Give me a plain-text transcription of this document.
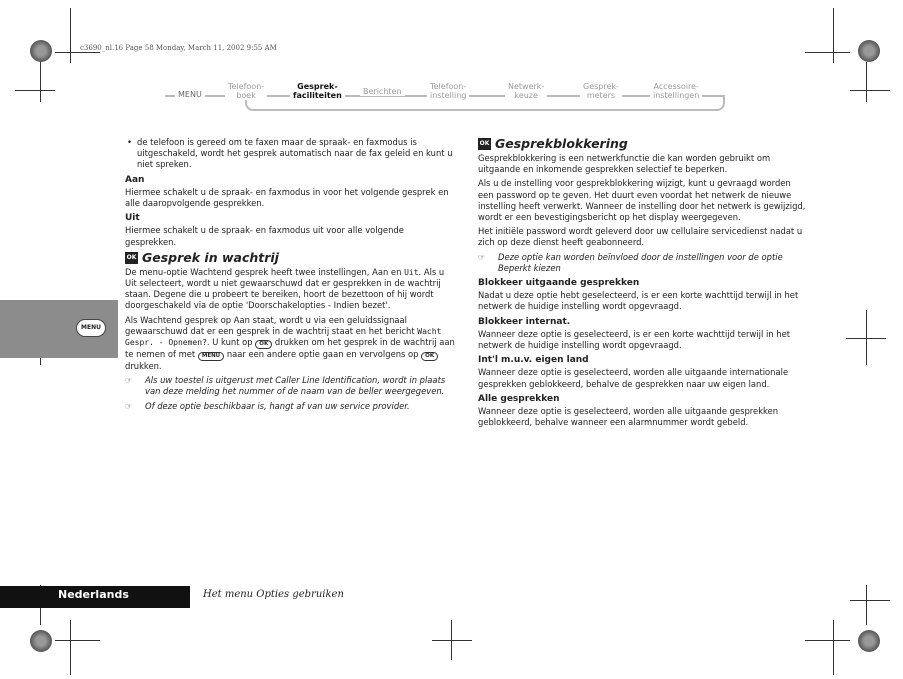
c3690_nl.16 Page 58 Monday, March 11, 2002 9:55 AM
MENU
Telefoon-
boek
Gesprek-
faciliteiten	Berichten
Telefoon-
instelling
Netwerk-
keuze
Gesprek-
meters
Accessoire-
instellingen
MENU
• de telefoon is gereed om te faxen maar de spraak- en faxmodus is uitgeschakeld, wordt het gesprek automatisch naar de fax geleid en kunt u niet spreken.
Aan
Hiermee schakelt u de spraak- en faxmodus in voor het volgende gesprek en alle daaropvolgende gesprekken.
Uit
Hiermee schakelt u de spraak- en faxmodus uit voor alle volgende gesprekken.
OK Gesprek in wachtrij
De menu-optie Wachtend gesprek heeft twee instellingen, Aan en Uit. Als u Uit selecteert, wordt u niet gewaarschuwd dat er gesprekken in de wachtrij staan. Degene die u probeert te bereiken, hoort de bezettoon of hij wordt doorgeschakeld via de optie 'Doorschakelopties - Indien bezet'.
Als Wachtend gesprek op Aan staat, wordt u via een geluidssignaal gewaarschuwd dat er een gesprek in de wachtrij staat en het bericht Wacht Gespr. - Opnemen?. U kunt op OK drukken om het gesprek in de wachtrij aan te nemen of met MENU naar een andere optie gaan en vervolgens op OK drukken.
☞	Als uw toestel is uitgerust met Caller Line Identification, wordt in plaats van deze melding het nummer of de naam van de beller weergegeven.
☞	Of deze optie beschikbaar is, hangt af van uw service provider.
OK Gesprekblokkering
Gesprekblokkering is een netwerkfunctie die kan worden gebruikt om uitgaande en inkomende gesprekken selectief te beperken.
Als u de instelling voor gesprekblokkering wijzigt, kunt u gevraagd worden een password op te geven. Het duurt even voordat het netwerk de nieuwe instelling heeft verwerkt. Wanneer de instelling door het netwerk is gewijzigd, wordt er een bevestigingsbericht op het display weergegeven.
Het initiële password wordt geleverd door uw cellulaire servicedienst nadat u zich op deze dienst heeft geabonneerd.
☞	Deze optie kan worden beïnvloed door de instellingen voor de optie Beperkt kiezen
Blokkeer uitgaande gesprekken
Nadat u deze optie hebt geselecteerd, is er een korte wachttijd terwijl in het netwerk de huidige instelling wordt opgevraagd.
Blokkeer internat.
Wanneer deze optie is geselecteerd, is er een korte wachttijd terwijl in het netwerk de huidige instelling wordt opgevraagd.
Int'l m.u.v. eigen land
Wanneer deze optie is geselecteerd, worden alle uitgaande internationale gesprekken geblokkeerd, behalve de gesprekken naar uw eigen land.
Alle gesprekken
Wanneer deze optie is geselecteerd, worden alle uitgaande gesprekken geblokkeerd, behalve wanneer een alarmnummer wordt gebeld.
Nederlands	58 Het menu Opties gebruiken
